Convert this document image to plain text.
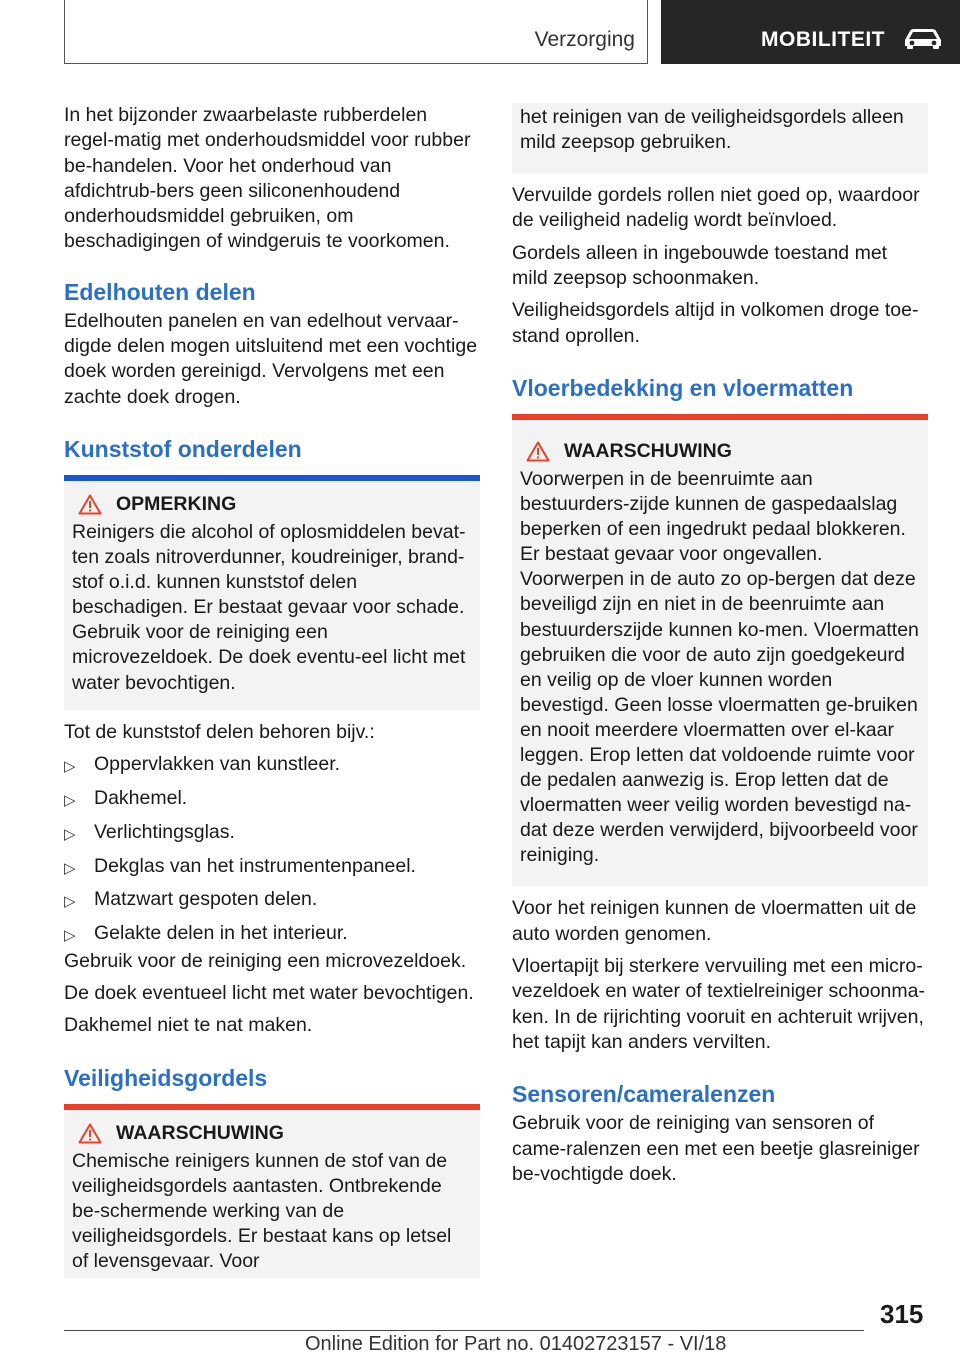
Verzorging	MOBILITEIT

In het bijzonder zwaarbelaste rubberdelen regel-matig met onderhoudsmiddel voor rubber be-handelen. Voor het onderhoud van afdichtrub-bers geen siliconenhoudend onderhoudsmiddel gebruiken, om beschadigingen of windgeruis te voorkomen.

Edelhouten delen

Edelhouten panelen en van edelhout vervaar-digde delen mogen uitsluitend met een vochtige doek worden gereinigd. Vervolgens met een zachte doek drogen.

Kunststof onderdelen
OPMERKING

Reinigers die alcohol of oplosmiddelen bevat-ten zoals nitroverdunner, koudreiniger, brand-stof o.i.d. kunnen kunststof delen beschadigen. Er bestaat gevaar voor schade. Gebruik voor de reiniging een microvezeldoek. De doek eventu-eel licht met water bevochtigen.

Tot de kunststof delen behoren bijv.:

▷ Oppervlakken van kunstleer.
▷ Dakhemel.
▷ Verlichtingsglas.
▷ Dekglas van het instrumentenpaneel.
▷ Matzwart gespoten delen.
▷ Gelakte delen in het interieur.

Gebruik voor de reiniging een microvezeldoek.

De doek eventueel licht met water bevochtigen.

Dakhemel niet te nat maken.

Veiligheidsgordels
WAARSCHUWING

Chemische reinigers kunnen de stof van de veiligheidsgordels aantasten. Ontbrekende be-schermende werking van de veiligheidsgordels. Er bestaat kans op letsel of levensgevaar. Voor

het reinigen van de veiligheidsgordels alleen mild zeepsop gebruiken.

Vervuilde gordels rollen niet goed op, waardoor de veiligheid nadelig wordt beïnvloed.

Gordels alleen in ingebouwde toestand met mild zeepsop schoonmaken.

Veiligheidsgordels altijd in volkomen droge toe-stand oprollen.

Vloerbedekking en vloermatten
WAARSCHUWING

Voorwerpen in de beenruimte aan bestuurders-zijde kunnen de gaspedaalslag beperken of een ingedrukt pedaal blokkeren. Er bestaat gevaar voor ongevallen. Voorwerpen in de auto zo op-bergen dat deze beveiligd zijn en niet in de beenruimte aan bestuurderszijde kunnen ko-men. Vloermatten gebruiken die voor de auto zijn goedgekeurd en veilig op de vloer kunnen worden bevestigd. Geen losse vloermatten ge-bruiken en nooit meerdere vloermatten over el-kaar leggen. Erop letten dat voldoende ruimte voor de pedalen aanwezig is. Erop letten dat de vloermatten weer veilig worden bevestigd na-dat deze werden verwijderd, bijvoorbeeld voor reiniging.

Voor het reinigen kunnen de vloermatten uit de auto worden genomen.

Vloertapijt bij sterkere vervuiling met een micro-vezeldoek en water of textielreiniger schoonma-ken. In de rijrichting vooruit en achteruit wrijven, het tapijt kan anders vervilten.

Sensoren/cameralenzen

Gebruik voor de reiniging van sensoren of came-ralenzen een met een beetje glasreiniger be-vochtigde doek.

315
Online Edition for Part no. 01402723157 - VI/18
